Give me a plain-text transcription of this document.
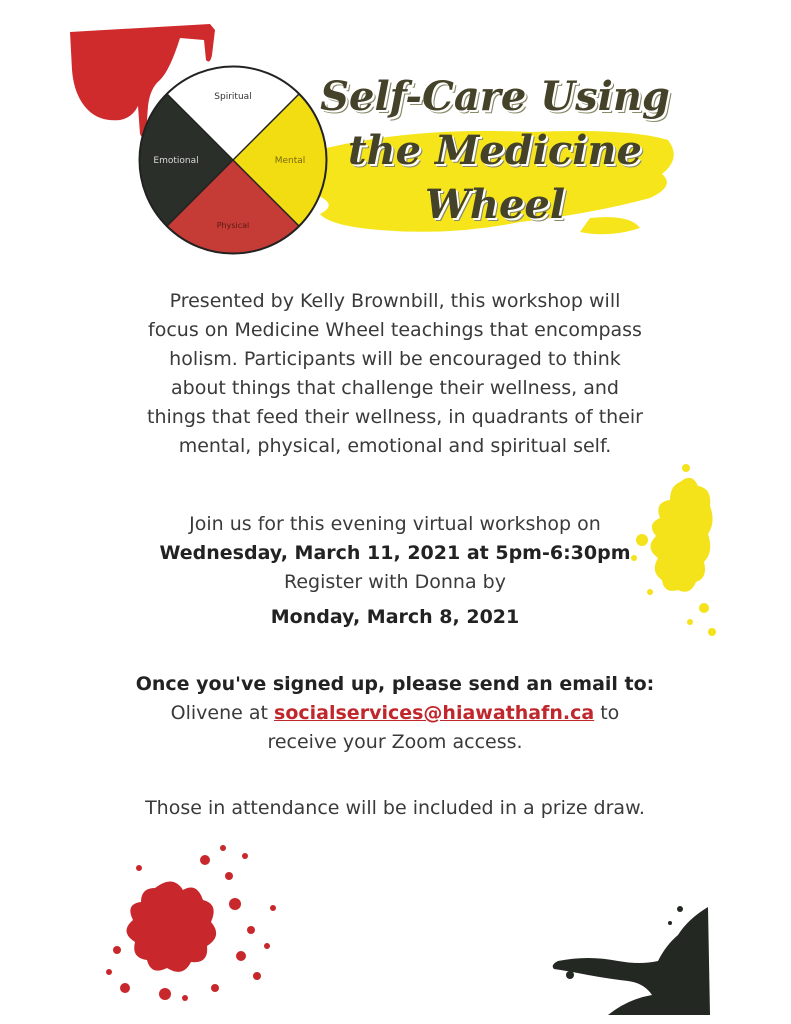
Spiritual
Mental
Physical
Emotional
Self-Care Using
the Medicine
Wheel
Presented by Kelly Brownbill, this workshop will
focus on Medicine Wheel teachings that encompass
holism. Participants will be encouraged to think
about things that challenge their wellness, and
things that feed their wellness, in quadrants of their
mental, physical, emotional and spiritual self.
Join us for this evening virtual workshop on
Wednesday, March 11, 2021 at 5pm-6:30pm
Register with Donna by
Monday, March 8, 2021
Once you've signed up, please send an email to:
Olivene at socialservices@hiawathafn.ca to
receive your Zoom access.
Those in attendance will be included in a prize draw.
